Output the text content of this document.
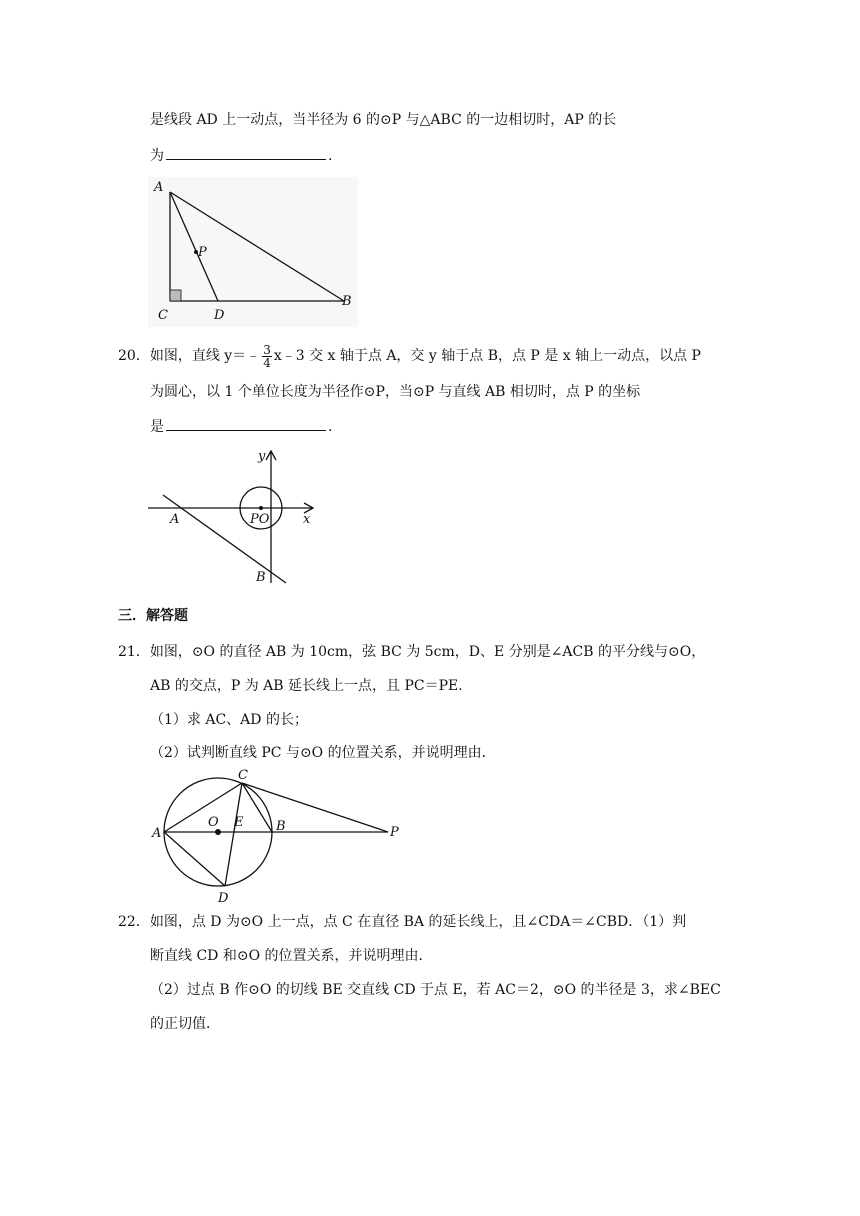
是线段 AD 上一动点，当半径为 6 的⊙P 与△ABC 的一边相切时，AP 的长
为	.
A
P
C	D
B
20．如图，直线 y＝﹣ $\frac{3}{4}$ x﹣3 交 x 轴于点 A，交 y 轴于点 B，点 P 是 x 轴上一动点，以点 P
为圆心，以 1 个单位长度为半径作⊙P，当⊙P 与直线 AB 相切时，点 P 的坐标
是	.
y
x
A	PO
B
三．解答题
21．如图，⊙O 的直径 AB 为 10cm，弦 BC 为 5cm，D、E 分别是∠ACB 的平分线与⊙O，
AB 的交点，P 为 AB 延长线上一点，且 PC＝PE．
（1）求 AC、AD 的长；
（2）试判断直线 PC 与⊙O 的位置关系，并说明理由．
A
O E	B
C
D
P
22．如图，点 D 为⊙O 上一点，点 C 在直径 BA 的延长线上，且∠CDA＝∠CBD．（1）判
断直线 CD 和⊙O 的位置关系，并说明理由．
（2）过点 B 作⊙O 的切线 BE 交直线 CD 于点 E，若 AC＝2，⊙O 的半径是 3，求∠BEC
的正切值．
